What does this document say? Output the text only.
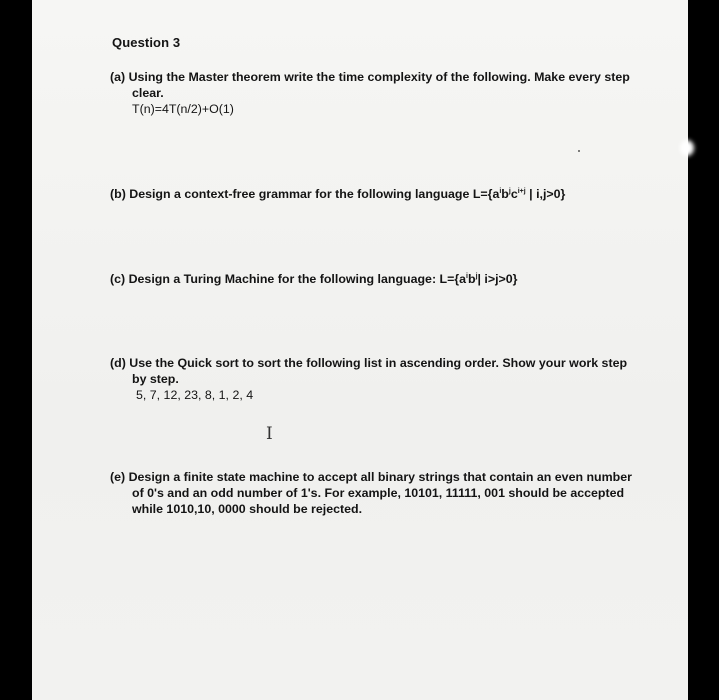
Question 3
(a) Using the Master theorem write the time complexity of the following. Make every step
clear.
T(n)=4T(n/2)+O(1)
(b) Design a context-free grammar for the following language $L=\{a^ib^jc^{i+j}$ | i,j>0}
(c) Design a Turing Machine for the following language: $L=\{a^ib^j|$ i>j>0}
(d) Use the Quick sort to sort the following list in ascending order. Show your work step
by step.
5, 7, 12, 23, 8, 1, 2, 4
I
(e) Design a finite state machine to accept all binary strings that contain an even number
of 0's and an odd number of 1's. For example, 10101, 11111, 001 should be accepted
while 1010,10, 0000 should be rejected.
